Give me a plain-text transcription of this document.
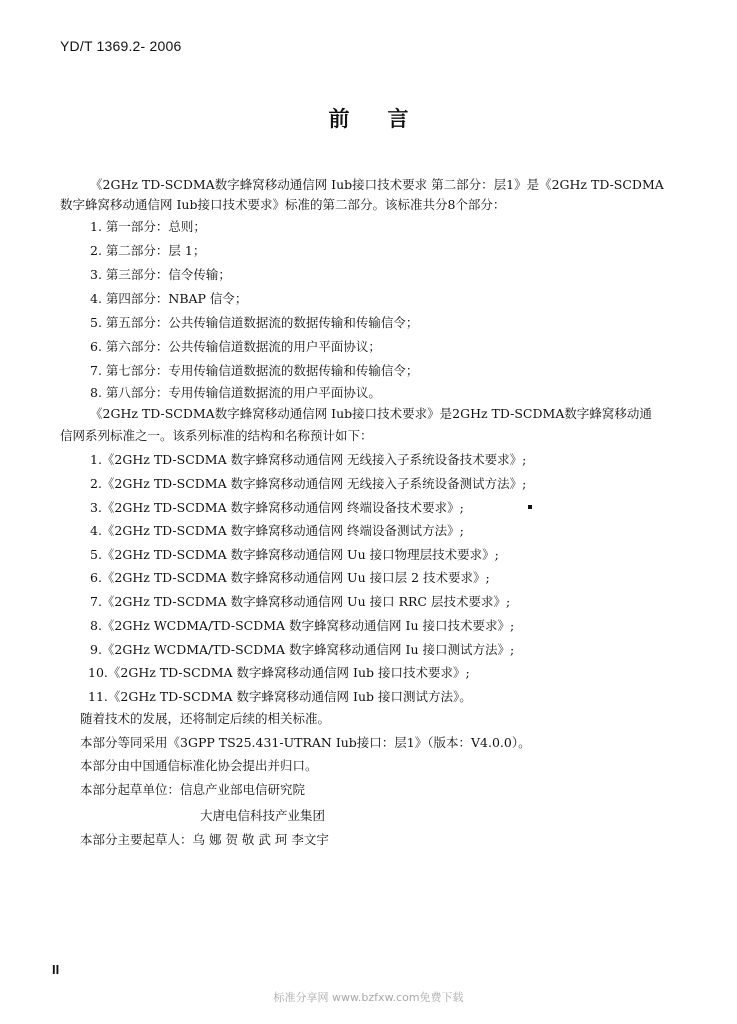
YD/T 1369.2- 2006
前言
《2GHz TD-SCDMA数字蜂窝移动通信网 Iub接口技术要求 第二部分：层1》是《2GHz TD-SCDMA
数字蜂窝移动通信网 Iub接口技术要求》标准的第二部分。该标准共分8个部分：
1. 第一部分：总则；
2. 第二部分：层 1；
3. 第三部分：信令传输；
4. 第四部分：NBAP 信令；
5. 第五部分：公共传输信道数据流的数据传输和传输信令；
6. 第六部分：公共传输信道数据流的用户平面协议；
7. 第七部分：专用传输信道数据流的数据传输和传输信令；
8. 第八部分：专用传输信道数据流的用户平面协议。
《2GHz TD-SCDMA数字蜂窝移动通信网 Iub接口技术要求》是2GHz TD-SCDMA数字蜂窝移动通
信网系列标准之一。该系列标准的结构和名称预计如下：
1.《2GHz TD-SCDMA 数字蜂窝移动通信网 无线接入子系统设备技术要求》;
2.《2GHz TD-SCDMA 数字蜂窝移动通信网 无线接入子系统设备测试方法》;
3.《2GHz TD-SCDMA 数字蜂窝移动通信网 终端设备技术要求》;
4.《2GHz TD-SCDMA 数字蜂窝移动通信网 终端设备测试方法》;
5.《2GHz TD-SCDMA 数字蜂窝移动通信网 Uu 接口物理层技术要求》;
6.《2GHz TD-SCDMA 数字蜂窝移动通信网 Uu 接口层 2 技术要求》;
7.《2GHz TD-SCDMA 数字蜂窝移动通信网 Uu 接口 RRC 层技术要求》;
8.《2GHz WCDMA/TD-SCDMA 数字蜂窝移动通信网 Iu 接口技术要求》;
9.《2GHz WCDMA/TD-SCDMA 数字蜂窝移动通信网 Iu 接口测试方法》;
10.《2GHz TD-SCDMA 数字蜂窝移动通信网 Iub 接口技术要求》;
11.《2GHz TD-SCDMA 数字蜂窝移动通信网 Iub 接口测试方法》。
随着技术的发展，还将制定后续的相关标准。
本部分等同采用《3GPP TS25.431-UTRAN Iub接口：层1》（版本：V4.0.0）。
本部分由中国通信标准化协会提出并归口。
本部分起草单位：信息产业部电信研究院
大唐电信科技产业集团
本部分主要起草人：乌 娜 贺 敬 武 珂 李文宇
II
标准分享网 www.bzfxw.com免费下载
